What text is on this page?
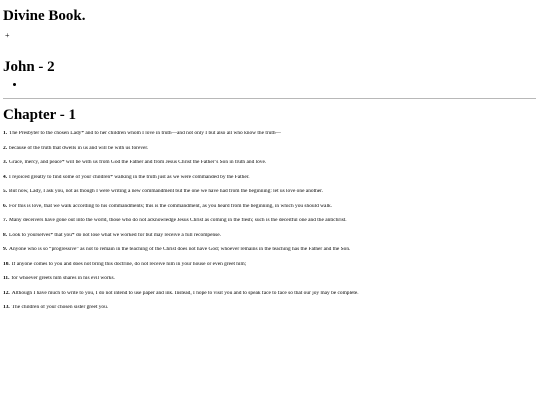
Divine Book.
+
John - 2
Chapter - 1
1. The Presbyter to the chosen Lady* and to her children whom I love in truth—and not only I but also all who know the truth—
2. because of the truth that dwells in us and will be with us forever.
3. Grace, mercy, and peace* will be with us from God the Father and from Jesus Christ the Father’s Son in truth and love.
4. I rejoiced greatly to find some of your children* walking in the truth just as we were commanded by the Father.
5. But now, Lady, I ask you, not as though I were writing a new commandment but the one we have had from the beginning: let us love one another.
6. For this is love, that we walk according to his commandments; this is the commandment, as you heard from the beginning, in which you should walk.
7. Many deceivers have gone out into the world, those who do not acknowledge Jesus Christ as coming in the flesh; such is the deceitful one and the antichrist.
8. Look to yourselves* that you* do not lose what we worked for but may receive a full recompense.
9. Anyone who is so “progressive” as not to remain in the teaching of the Christ does not have God; whoever remains in the teaching has the Father and the Son.
10. If anyone comes to you and does not bring this doctrine, do not receive him in your house or even greet him;
11. for whoever greets him shares in his evil works.
12. Although I have much to write to you, I do not intend to use paper and ink. Instead, I hope to visit you and to speak face to face so that our joy may be complete.
13. The children of your chosen sister greet you.
